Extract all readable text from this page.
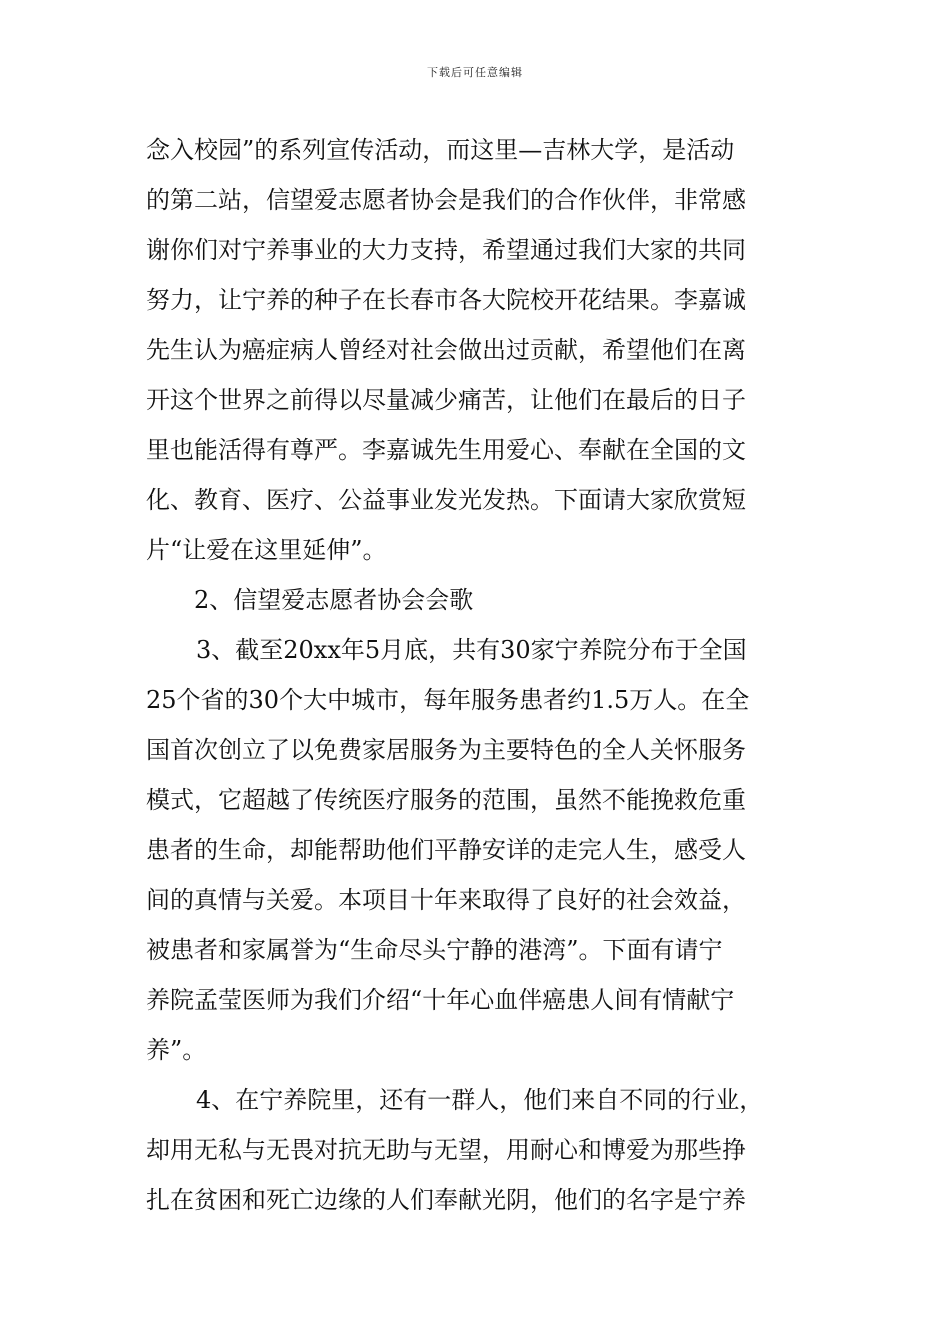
下载后可任意编辑
念入校园”的系列宣传活动，而这里—吉林大学，是活动
的第二站，信望爱志愿者协会是我们的合作伙伴，非常感
谢你们对宁养事业的大力支持，希望通过我们大家的共同
努力，让宁养的种子在长春市各大院校开花结果。李嘉诚
先生认为癌症病人曾经对社会做出过贡献，希望他们在离
开这个世界之前得以尽量减少痛苦，让他们在最后的日子
里也能活得有尊严。李嘉诚先生用爱心、奉献在全国的文
化、教育、医疗、公益事业发光发热。下面请大家欣赏短
片“让爱在这里延伸”。
2、信望爱志愿者协会会歌
3、截至20xx年5月底，共有30家宁养院分布于全国
25个省的30个大中城市，每年服务患者约1.5万人。在全
国首次创立了以免费家居服务为主要特色的全人关怀服务
模式，它超越了传统医疗服务的范围，虽然不能挽救危重
患者的生命，却能帮助他们平静安详的走完人生，感受人
间的真情与关爱。本项目十年来取得了良好的社会效益，
被患者和家属誉为“生命尽头宁静的港湾”。下面有请宁
养院孟莹医师为我们介绍“十年心血伴癌患人间有情献宁
养”。
4、在宁养院里，还有一群人，他们来自不同的行业，
却用无私与无畏对抗无助与无望，用耐心和博爱为那些挣
扎在贫困和死亡边缘的人们奉献光阴，他们的名字是宁养
